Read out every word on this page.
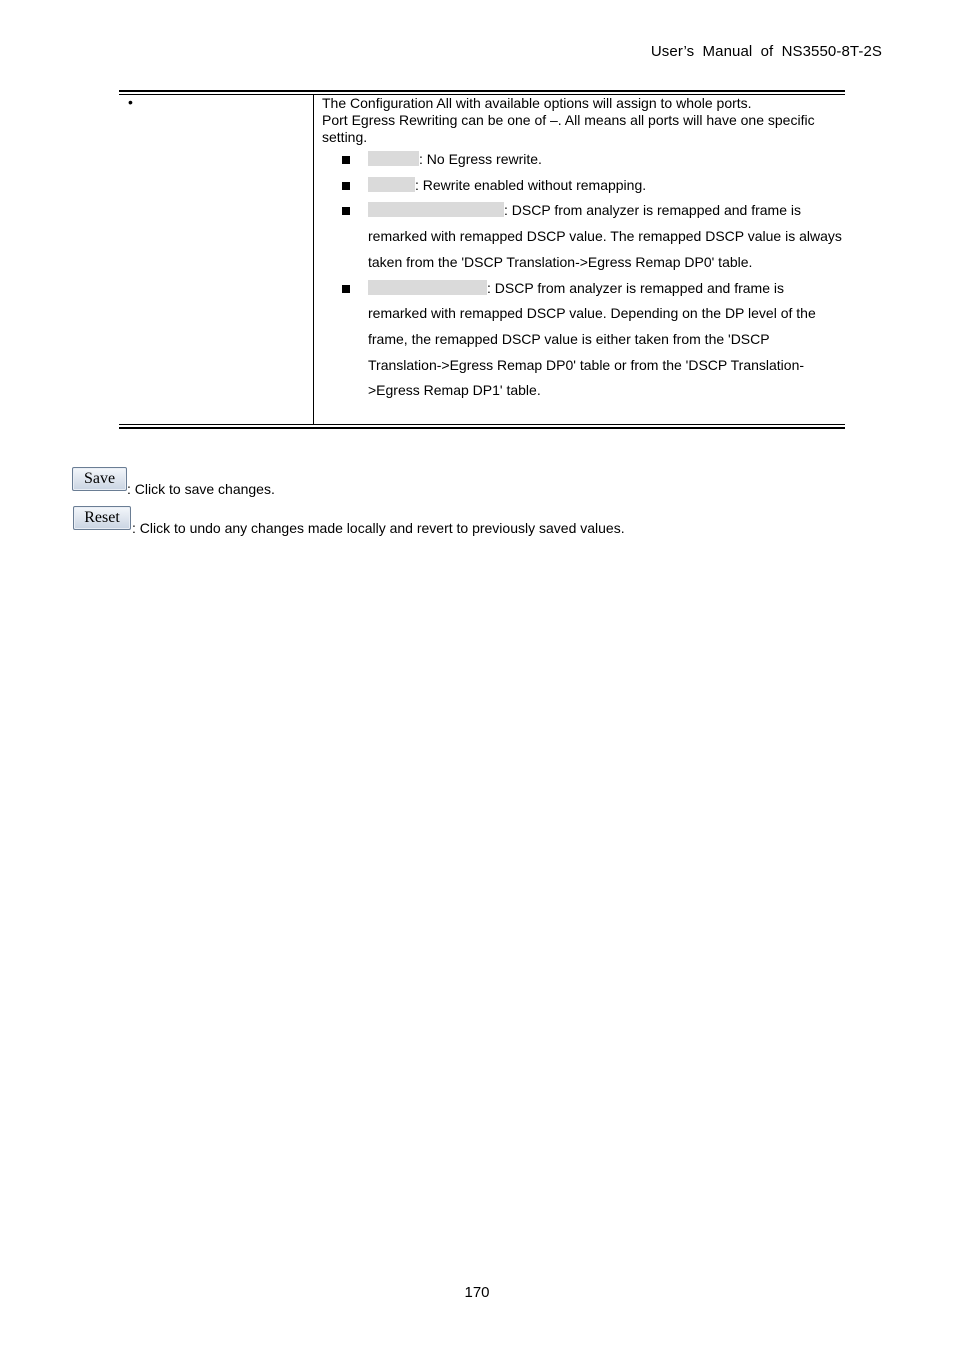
User’s Manual of NS3550-8T-2S
•	The Configuration All with available options will assign to whole ports.

Port Egress Rewriting can be one of –. All means all ports will have one specific setting.

: No Egress rewrite.
: Rewrite enabled without remapping.
: DSCP from analyzer is remapped and frame is remarked with remapped DSCP value. The remapped DSCP value is always taken from the 'DSCP Translation->Egress Remap DP0' table.
: DSCP from analyzer is remapped and frame is remarked with remapped DSCP value. Depending on the DP level of the frame, the remapped DSCP value is either taken from the 'DSCP Translation->Egress Remap DP0' table or from the 'DSCP Translation->Egress Remap DP1' table.
Save
: Click to save changes.
Reset
: Click to undo any changes made locally and revert to previously saved values.
170
